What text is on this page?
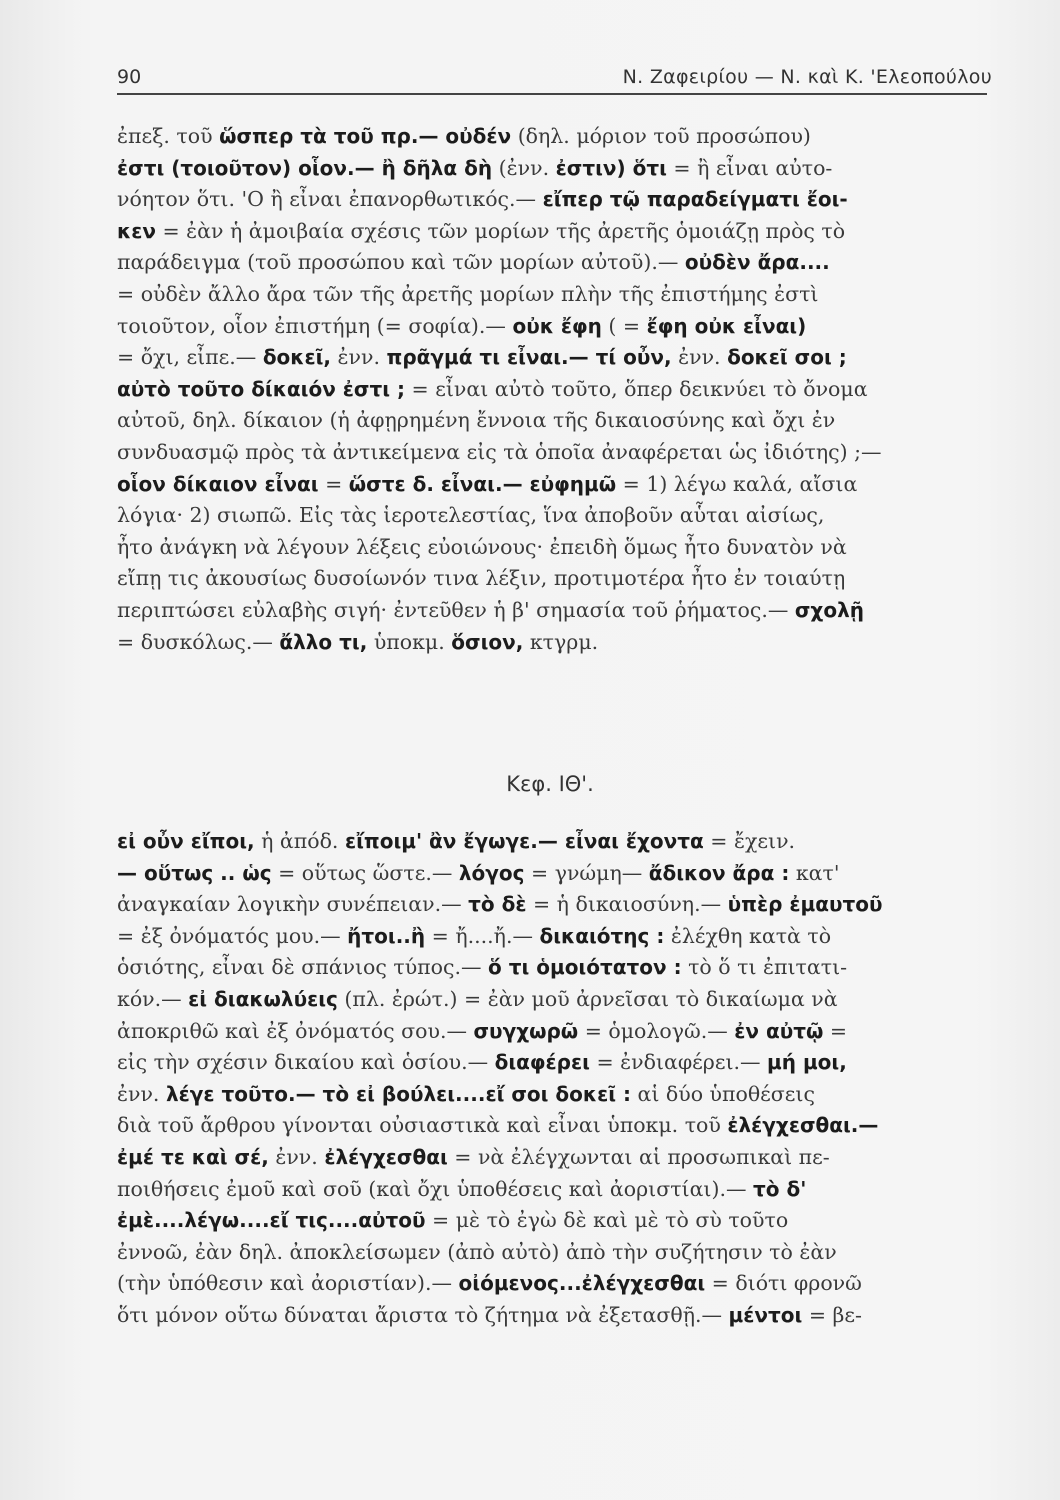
90	Ν. Ζαφειρίου — Ν. καὶ Κ. 'Ελεοπούλου
ἐπεξ. τοῦ ὥσπερ τὰ τοῦ πρ.— οὐδέν (δηλ. μόριον τοῦ προσώπου)
ἐστι (τοιοῦτον) οἷον.— ἢ δῆλα δὴ (ἐνν. ἐστιν) ὅτι = ἢ εἶναι αὐτο-
νόητον ὅτι. 'Ο ἢ εἶναι ἐπανορθωτικός.— εἴπερ τῷ παραδείγματι ἔοι-
κεν = ἐὰν ἡ ἀμοιβαία σχέσις τῶν μορίων τῆς ἀρετῆς ὁμοιάζῃ πρὸς τὸ
παράδειγμα (τοῦ προσώπου καὶ τῶν μορίων αὐτοῦ).— οὐδὲν ἄρα....
= οὐδὲν ἄλλο ἄρα τῶν τῆς ἀρετῆς μορίων πλὴν τῆς ἐπιστήμης ἐστὶ
τοιοῦτον, οἷον ἐπιστήμη (= σοφία).— οὐκ ἔφη ( = ἔφη οὐκ εἶναι)
= ὄχι, εἶπε.— δοκεῖ, ἐνν. πρᾶγμά τι εἶναι.— τί οὖν, ἐνν. δοκεῖ σοι ;
αὐτὸ τοῦτο δίκαιόν ἐστι ; = εἶναι αὐτὸ τοῦτο, ὅπερ δεικνύει τὸ ὄνομα
αὐτοῦ, δηλ. δίκαιον (ἡ ἀφῃρημένη ἔννοια τῆς δικαιοσύνης καὶ ὄχι ἐν
συνδυασμῷ πρὸς τὰ ἀντικείμενα εἰς τὰ ὁποῖα ἀναφέρεται ὡς ἰδιότης) ;—
οἷον δίκαιον εἶναι = ὥστε δ. εἶναι.— εὐφημῶ = 1) λέγω καλά, αἴσια
λόγια· 2) σιωπῶ. Εἰς τὰς ἱεροτελεστίας, ἵνα ἀποβοῦν αὗται αἰσίως,
ἦτο ἀνάγκη νὰ λέγουν λέξεις εὐοιώνους· ἐπειδὴ ὅμως ἦτο δυνατὸν νὰ
εἴπῃ τις ἀκουσίως δυσοίωνόν τινα λέξιν, προτιμοτέρα ἦτο ἐν τοιαύτῃ
περιπτώσει εὐλαβὴς σιγή· ἐντεῦθεν ἡ β' σημασία τοῦ ῥήματος.— σχολῇ
= δυσκόλως.— ἄλλο τι, ὑποκμ. ὅσιον, κτγρμ.
Κεφ. ΙΘ'.
εἰ οὖν εἴποι, ἡ ἀπόδ. εἴποιμ' ἂν ἔγωγε.— εἶναι ἔχοντα = ἔχειν.
— οὕτως .. ὡς = οὕτως ὥστε.— λόγος = γνώμη— ἄδικον ἄρα : κατ'
ἀναγκαίαν λογικὴν συνέπειαν.— τὸ δὲ = ἡ δικαιοσύνη.— ὑπὲρ ἐμαυτοῦ
= ἐξ ὀνόματός μου.— ἤτοι..ἢ = ἤ....ἤ.— δικαιότης : ἐλέχθη κατὰ τὸ
ὁσιότης, εἶναι δὲ σπάνιος τύπος.— ὅ τι ὁμοιότατον : τὸ ὅ τι ἐπιτατι-
κόν.— εἰ διακωλύεις (πλ. ἐρώτ.) = ἐὰν μοῦ ἀρνεῖσαι τὸ δικαίωμα νὰ
ἀποκριθῶ καὶ ἐξ ὀνόματός σου.— συγχωρῶ = ὁμολογῶ.— ἐν αὐτῷ =
εἰς τὴν σχέσιν δικαίου καὶ ὁσίου.— διαφέρει = ἐνδιαφέρει.— μή μοι,
ἐνν. λέγε τοῦτο.— τὸ εἰ βούλει....εἴ σοι δοκεῖ : αἱ δύο ὑποθέσεις
διὰ τοῦ ἄρθρου γίνονται οὐσιαστικὰ καὶ εἶναι ὑποκμ. τοῦ ἐλέγχεσθαι.—
ἐμέ τε καὶ σέ, ἐνν. ἐλέγχεσθαι = νὰ ἐλέγχωνται αἱ προσωπικαὶ πε-
ποιθήσεις ἐμοῦ καὶ σοῦ (καὶ ὄχι ὑποθέσεις καὶ ἀοριστίαι).— τὸ δ'
ἐμὲ....λέγω....εἴ τις....αὐτοῦ = μὲ τὸ ἐγὼ δὲ καὶ μὲ τὸ σὺ τοῦτο
ἐννοῶ, ἐὰν δηλ. ἀποκλείσωμεν (ἀπὸ αὐτὸ) ἀπὸ τὴν συζήτησιν τὸ ἐὰν
(τὴν ὑπόθεσιν καὶ ἀοριστίαν).— οἰόμενος...ἐλέγχεσθαι = διότι φρονῶ
ὅτι μόνον οὕτω δύναται ἄριστα τὸ ζήτημα νὰ ἐξετασθῇ.— μέντοι = βε-
